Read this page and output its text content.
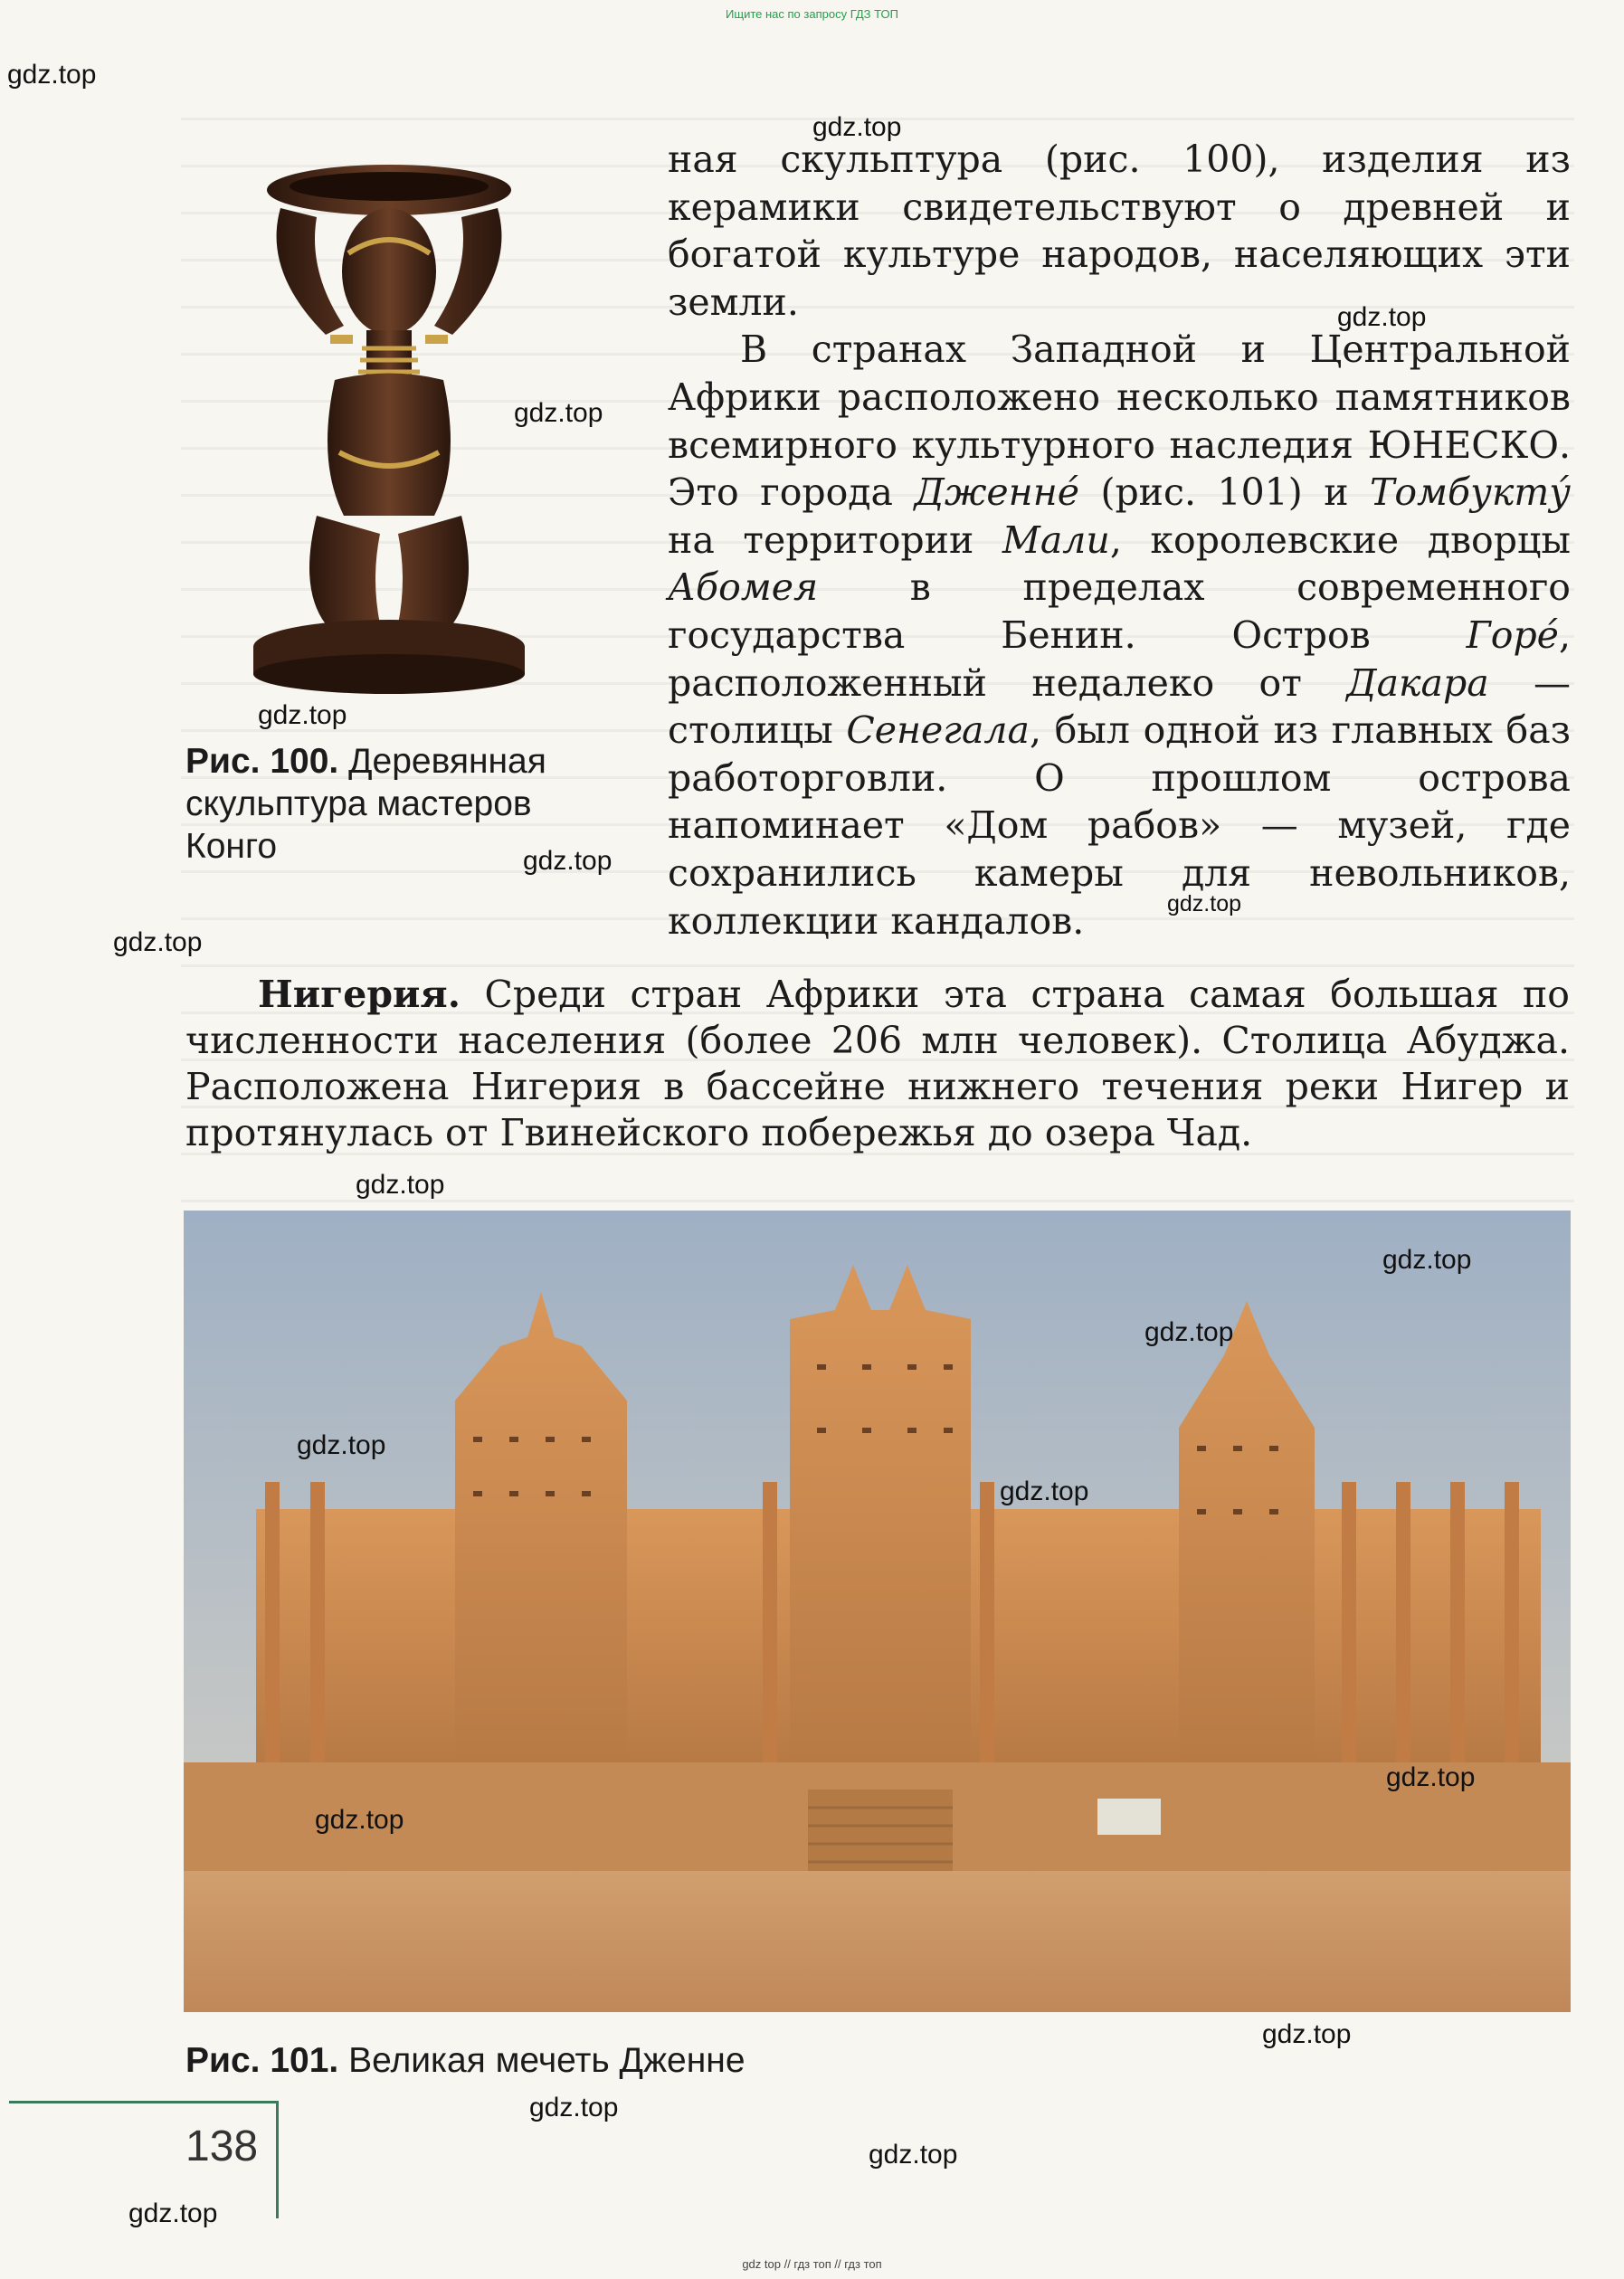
Ищите нас по запросу ГДЗ ТОП
Рис. 100. Деревянная скульптура мастеров Конго

ная скульптура (рис. 100), изделия из керамики свидетельствуют о древней и богатой культуре народов, населяющих эти земли.

В странах Западной и Центральной Африки расположено несколько памятников всемирного культурного наследия ЮНЕСКО. Это города Дженне́ (рис. 101) и Томбукту́ на территории Мали, королевские дворцы Абомея в пределах современного государства Бенин. Остров Горе́, расположенный недалеко от Дакара — столицы Сенегала, был одной из главных баз работорговли. О прошлом острова напоминает «Дом рабов» — музей, где сохранились камеры для невольников, коллекции кандалов.

Нигерия. Среди стран Африки эта страна самая большая по численности населения (более 206 млн человек). Столица Абуджа. Расположена Нигерия в бассейне нижнего течения реки Нигер и протянулась от Гвинейского побережья до озера Чад.
Рис. 101. Великая мечеть Дженне
138
gdz.top
gdz.top
gdz.top
gdz.top
gdz.top
gdz.top
gdz.top
gdz.top
gdz.top
gdz.top
gdz.top
gdz.top
gdz.top
gdz.top
gdz.top
gdz.top
gdz.top
gdz.top
gdz.top
gdz top // гдз топ // гдз топ
